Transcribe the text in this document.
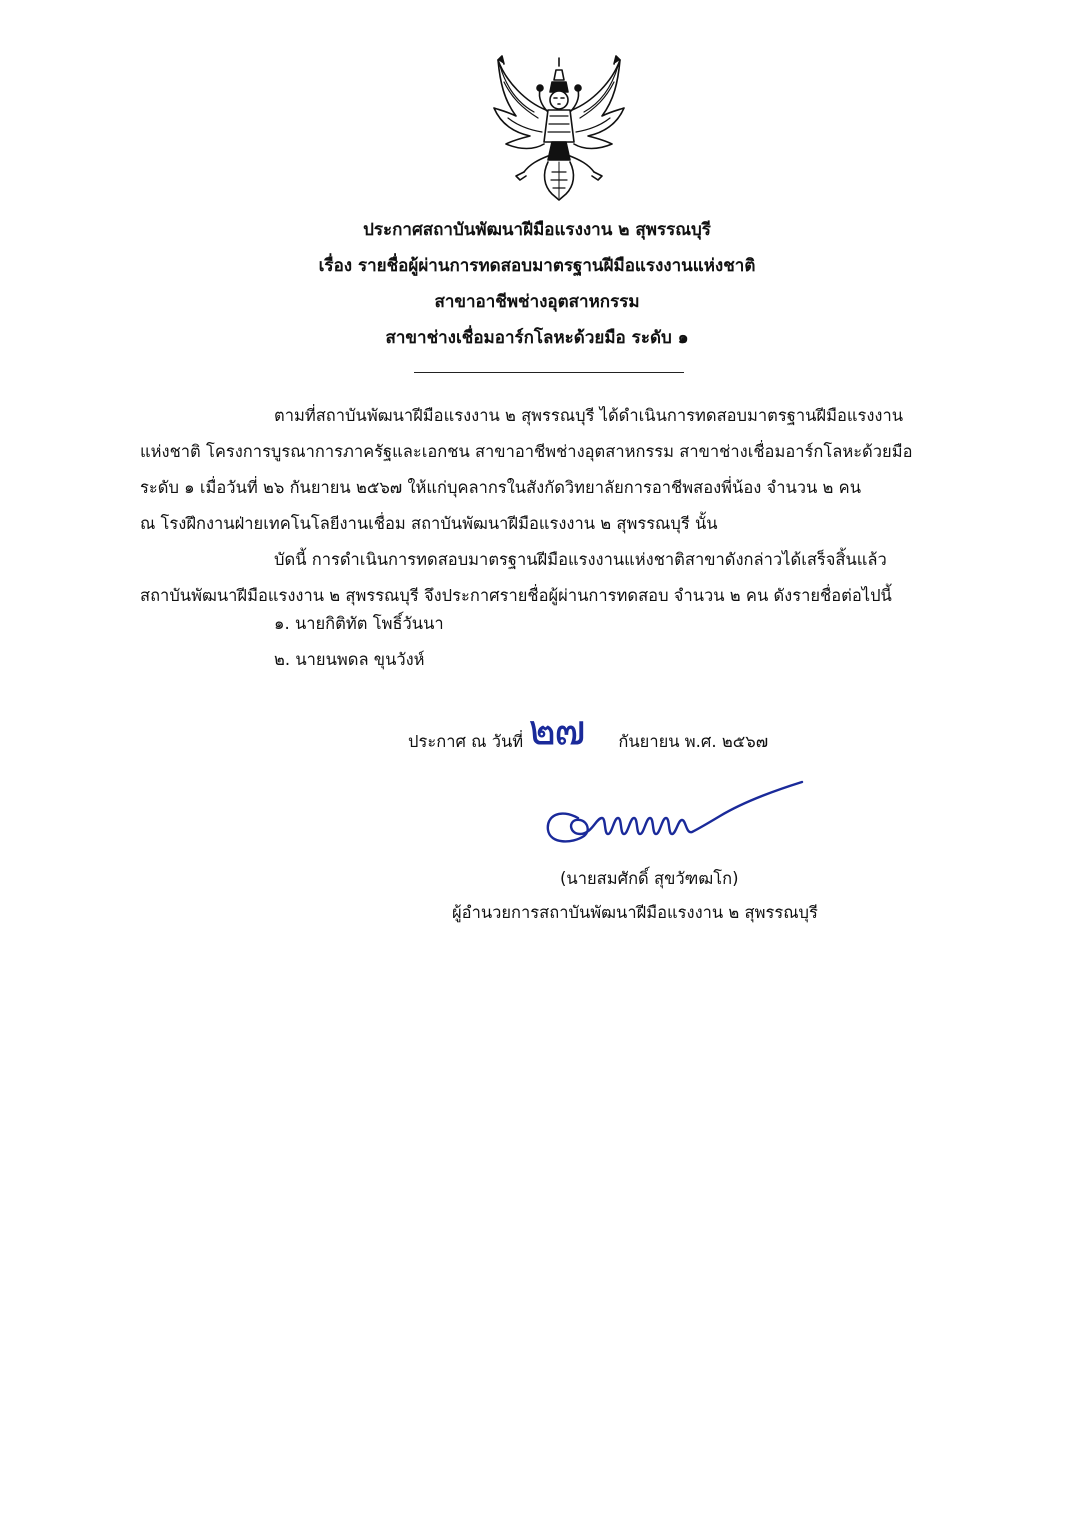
ประกาศสถาบันพัฒนาฝีมือแรงงาน ๒ สุพรรณบุรี
เรื่อง รายชื่อผู้ผ่านการทดสอบมาตรฐานฝีมือแรงงานแห่งชาติ
สาขาอาชีพช่างอุตสาหกรรม
สาขาช่างเชื่อมอาร์กโลหะด้วยมือ ระดับ ๑
ตามที่สถาบันพัฒนาฝีมือแรงงาน ๒ สุพรรณบุรี ได้ดำเนินการทดสอบมาตรฐานฝีมือแรงงาน
แห่งชาติ โครงการบูรณาการภาครัฐและเอกชน สาขาอาชีพช่างอุตสาหกรรม สาขาช่างเชื่อมอาร์กโลหะด้วยมือ
ระดับ ๑ เมื่อวันที่ ๒๖ กันยายน ๒๕๖๗ ให้แก่บุคลากรในสังกัดวิทยาลัยการอาชีพสองพี่น้อง จำนวน ๒ คน
ณ โรงฝึกงานฝ่ายเทคโนโลยีงานเชื่อม สถาบันพัฒนาฝีมือแรงงาน ๒ สุพรรณบุรี นั้น
บัดนี้ การดำเนินการทดสอบมาตรฐานฝีมือแรงงานแห่งชาติสาขาดังกล่าวได้เสร็จสิ้นแล้ว
สถาบันพัฒนาฝีมือแรงงาน ๒ สุพรรณบุรี จึงประกาศรายชื่อผู้ผ่านการทดสอบ จำนวน ๒ คน ดังรายชื่อต่อไปนี้
๑. นายกิติทัต โพธิ์วันนา
๒. นายนพดล ขุนวังห์
ประกาศ ณ วันที่ ๒๗ กันยายน พ.ศ. ๒๕๖๗
(นายสมศักดิ์ สุขวัฑฒโก)
ผู้อำนวยการสถาบันพัฒนาฝีมือแรงงาน ๒ สุพรรณบุรี
